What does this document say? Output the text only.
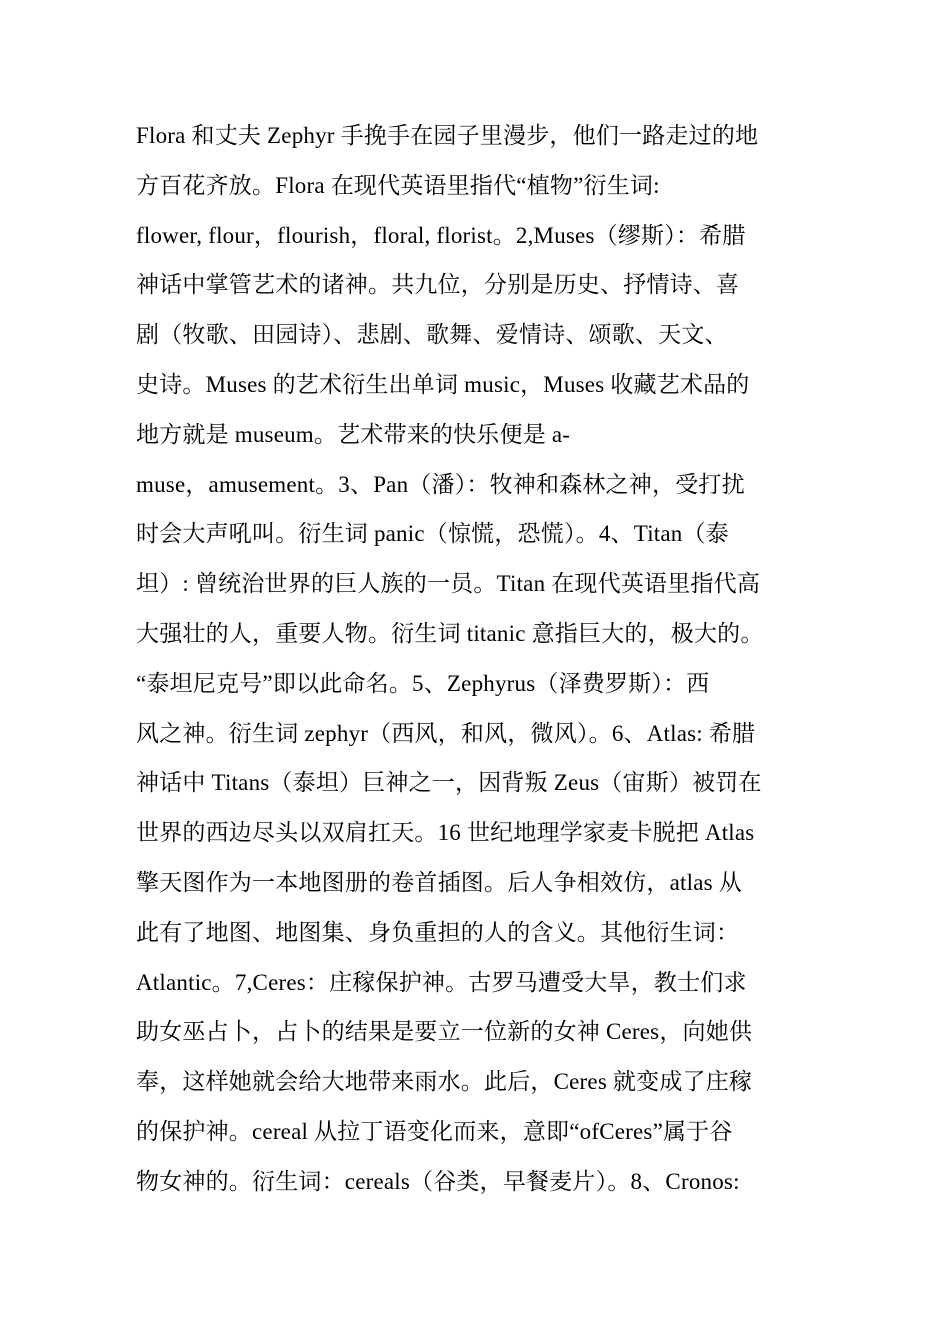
Flora 和丈夫 Zephyr 手挽手在园子里漫步，他们一路走过的地
方百花齐放。Flora 在现代英语里指代“植物”衍生词:
flower, flour，flourish，floral, florist。2,Muses（缪斯）：希腊
神话中掌管艺术的诸神。共九位，分别是历史、抒情诗、喜
剧（牧歌、田园诗）、悲剧、歌舞、爱情诗、颂歌、天文、
史诗。Muses 的艺术衍生出单词 music，Muses 收藏艺术品的
地方就是 museum。艺术带来的快乐便是 a-
muse，amusement。3、Pan（潘）：牧神和森林之神，受打扰
时会大声吼叫。衍生词 panic（惊慌，恐慌）。4、Titan（泰
坦）: 曾统治世界的巨人族的一员。Titan 在现代英语里指代高
大强壮的人，重要人物。衍生词 titanic 意指巨大的，极大的。
“泰坦尼克号”即以此命名。5、Zephyrus（泽费罗斯）：西
风之神。衍生词 zephyr（西风，和风，微风）。6、Atlas: 希腊
神话中 Titans（泰坦）巨神之一，因背叛 Zeus（宙斯）被罚在
世界的西边尽头以双肩扛天。16 世纪地理学家麦卡脱把 Atlas
擎天图作为一本地图册的卷首插图。后人争相效仿，atlas 从
此有了地图、地图集、身负重担的人的含义。其他衍生词：
Atlantic。7,Ceres：庄稼保护神。古罗马遭受大旱，教士们求
助女巫占卜，占卜的结果是要立一位新的女神 Ceres，向她供
奉，这样她就会给大地带来雨水。此后，Ceres 就变成了庄稼
的保护神。cereal 从拉丁语变化而来，意即“ofCeres”属于谷
物女神的。衍生词：cereals（谷类，早餐麦片）。8、Cronos:
